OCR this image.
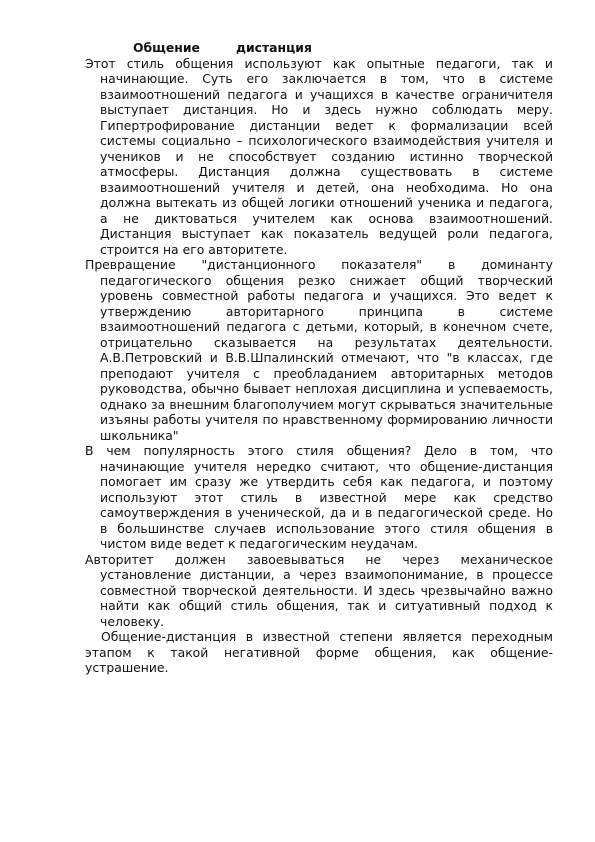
Общение	дистанция

Этот стиль общения используют как опытные педагоги, так и начинающие. Суть его заключается в том, что в системе взаимоотношений педагога и учащихся в качестве ограничителя выступает дистанция. Но и здесь нужно соблюдать меру. Гипертрофирование дистанции ведет к формализации всей системы социально – психологического взаимодействия учителя и учеников и не способствует созданию истинно творческой атмосферы. Дистанция должна существовать в системе взаимоотношений учителя и детей, она необходима. Но она должна вытекать из общей логики отношений ученика и педагога, а не диктоваться учителем как основа взаимоотношений. Дистанция выступает как показатель ведущей роли педагога, строится на его авторитете.

Превращение "дистанционного показателя" в доминанту педагогического общения резко снижает общий творческий уровень совместной работы педагога и учащихся. Это ведет к утверждению авторитарного принципа в системе взаимоотношений педагога с детьми, который, в конечном счете, отрицательно сказывается на результатах деятельности. А.В.Петровский и В.В.Шпалинский отмечают, что "в классах, где преподают учителя с преобладанием авторитарных методов руководства, обычно бывает неплохая дисциплина и успеваемость, однако за внешним благополучием могут скрываться значительные изъяны работы учителя по нравственному формированию личности школьника"

В чем популярность этого стиля общения? Дело в том, что начинающие учителя нередко считают, что общение-дистанция помогает им сразу же утвердить себя как педагога, и поэтому используют этот стиль в известной мере как средство самоутверждения в ученической, да и в педагогической среде. Но в большинстве случаев использование этого стиля общения в чистом виде ведет к педагогическим неудачам.

Авторитет должен завоевываться не через механическое установление дистанции, а через взаимопонимание, в процессе совместной творческой деятельности. И здесь чрезвычайно важно найти как общий стиль общения, так и ситуативный подход к человеку.

Общение-дистанция в известной степени является переходным этапом к такой негативной форме общения, как общение-устрашение.
